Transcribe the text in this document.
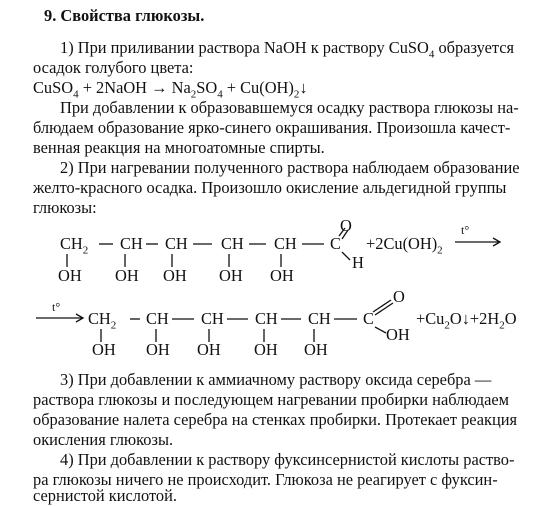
9. Свойства глюкозы.
1) При приливании раствора NaOH к раствору CuSO$_4$ образуется
осадок голубого цвета:
CuSO$_4$ + 2NaOH → $Na_2SO_4$ + $Cu(OH)_2↓$
При добавлении к образовавшемуся осадку раствора глюкозы на-
блюдаем образование ярко-синего окрашивания. Произошла качест-
венная реакция на многоатомные спирты.
2) При нагревании полученного раствора наблюдаем образование
желто-красного осадка. Произошло окисление альдегидной группы
глюкозы:
$CH_2$ CH CH CH CH C
OH OH OH OH OH
O
H
$+2Cu(OH)_2$
t°
t°
$CH_2$ CH CH CH CH C
OH OH OH OH OH
O
OH
$+Cu_2O↓+2H_2O$
3) При добавлении к аммиачному раствору оксида серебра —
раствора глюкозы и последующем нагревании пробирки наблюдаем
образование налета серебра на стенках пробирки. Протекает реакция
окисления глюкозы.
4) При добавлении к раствору фуксинсернистой кислоты раство-
ра глюкозы ничего не происходит. Глюкоза не реагирует с фуксин-
сернистой кислотой.
